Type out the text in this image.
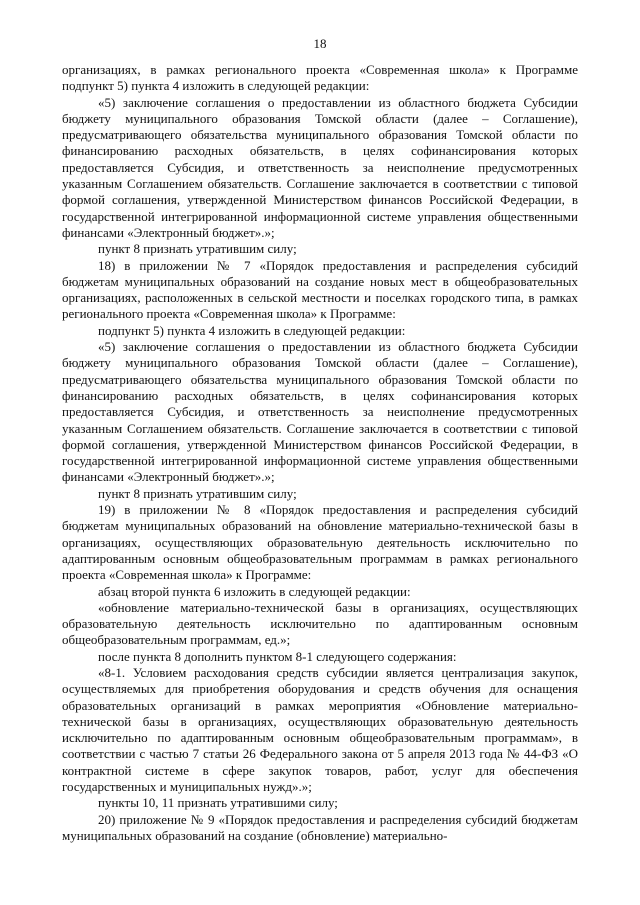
18

организациях, в рамках регионального проекта «Современная школа» к Программе подпункт 5) пункта 4 изложить в следующей редакции:

«5) заключение соглашения о предоставлении из областного бюджета Субсидии бюджету муниципального образования Томской области (далее – Соглашение), предусматривающего обязательства муниципального образования Томской области по финансированию расходных обязательств, в целях софинансирования которых предоставляется Субсидия, и ответственность за неисполнение предусмотренных указанным Соглашением обязательств. Соглашение заключается в соответствии с типовой формой соглашения, утвержденной Министерством финансов Российской Федерации, в государственной интегрированной информационной системе управления общественными финансами «Электронный бюджет».»;

пункт 8 признать утратившим силу;

18) в приложении № 7 «Порядок предоставления и распределения субсидий бюджетам муниципальных образований на создание новых мест в общеобразовательных организациях, расположенных в сельской местности и поселках городского типа, в рамках регионального проекта «Современная школа» к Программе:

подпункт 5) пункта 4 изложить в следующей редакции:

«5) заключение соглашения о предоставлении из областного бюджета Субсидии бюджету муниципального образования Томской области (далее – Соглашение), предусматривающего обязательства муниципального образования Томской области по финансированию расходных обязательств, в целях софинансирования которых предоставляется Субсидия, и ответственность за неисполнение предусмотренных указанным Соглашением обязательств. Соглашение заключается в соответствии с типовой формой соглашения, утвержденной Министерством финансов Российской Федерации, в государственной интегрированной информационной системе управления общественными финансами «Электронный бюджет».»;

пункт 8 признать утратившим силу;

19) в приложении № 8 «Порядок предоставления и распределения субсидий бюджетам муниципальных образований на обновление материально-технической базы в организациях, осуществляющих образовательную деятельность исключительно по адаптированным основным общеобразовательным программам в рамках регионального проекта «Современная школа» к Программе:

абзац второй пункта 6 изложить в следующей редакции:

«обновление материально-технической базы в организациях, осуществляющих образовательную деятельность исключительно по адаптированным основным общеобразовательным программам, ед.»;

после пункта 8 дополнить пунктом 8-1 следующего содержания:

«8-1. Условием расходования средств субсидии является централизация закупок, осуществляемых для приобретения оборудования и средств обучения для оснащения образовательных организаций в рамках мероприятия «Обновление материально-технической базы в организациях, осуществляющих образовательную деятельность исключительно по адаптированным основным общеобразовательным программам», в соответствии с частью 7 статьи 26 Федерального закона от 5 апреля 2013 года № 44-ФЗ «О контрактной системе в сфере закупок товаров, работ, услуг для обеспечения государственных и муниципальных нужд».»;

пункты 10, 11 признать утратившими силу;

20) приложение № 9 «Порядок предоставления и распределения субсидий бюджетам муниципальных образований на создание (обновление) материально-
